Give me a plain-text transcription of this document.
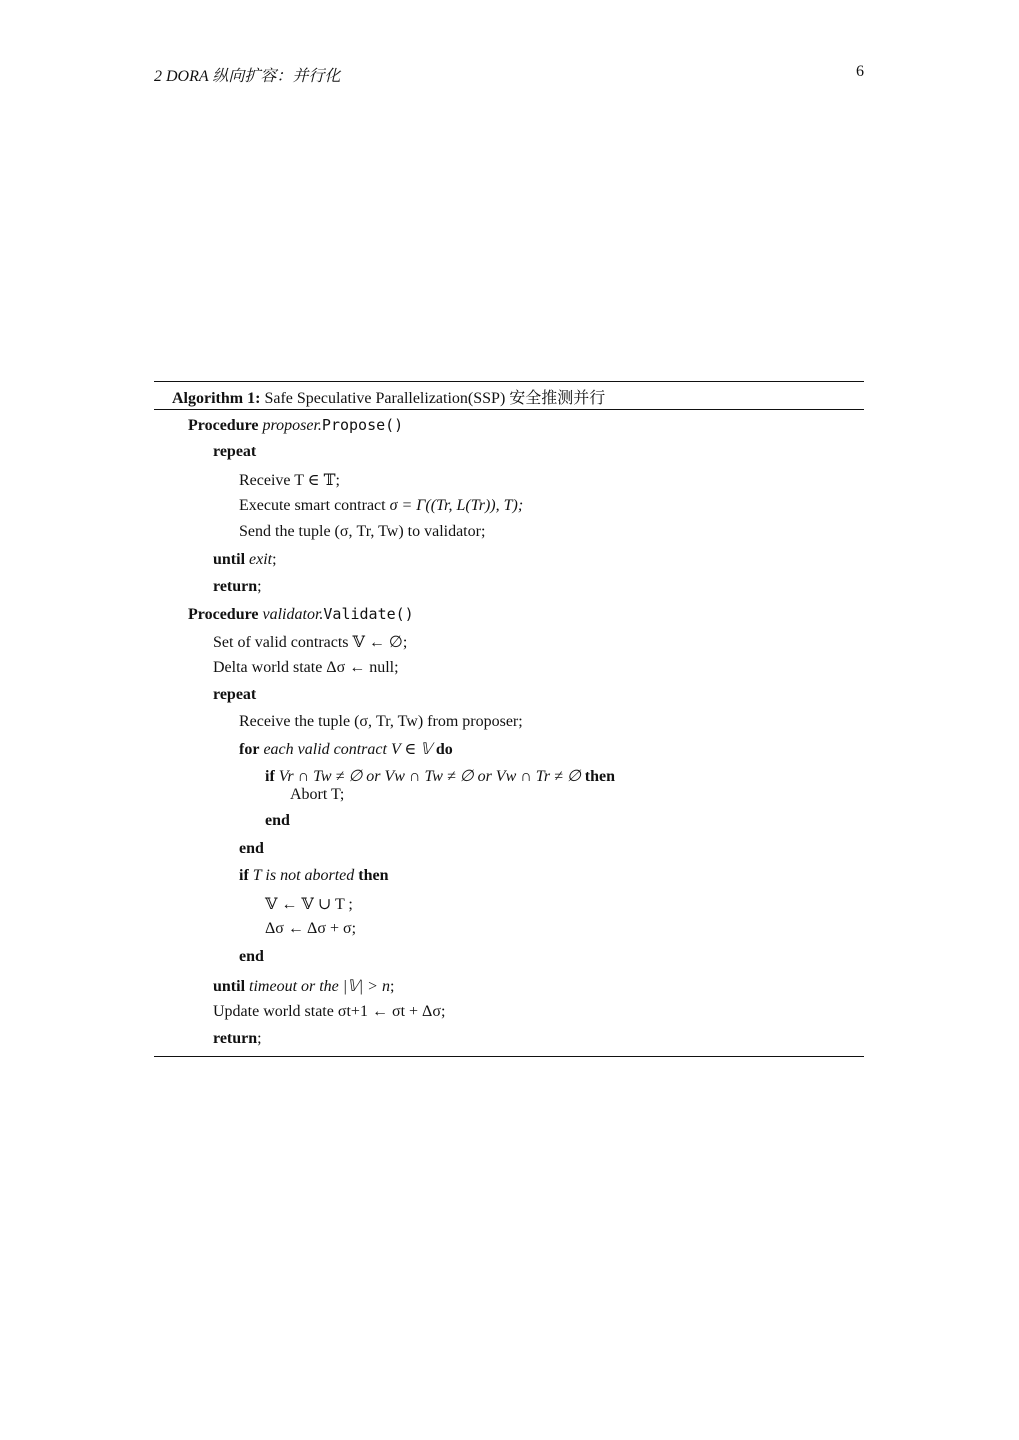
2 DORA 纵向扩容：并行化	6
Algorithm 1: Safe Speculative Parallelization(SSP) 安全推测并行
Procedure proposer.Propose()
repeat
Receive T ∈ 𝕋;
Execute smart contract σ = Γ((Tr, L(Tr)), T);
Send the tuple (σ, Tr, Tw) to validator;
until exit;
return;
Procedure validator.Validate()
Set of valid contracts 𝕍 ← ∅;
Delta world state Δσ ← null;
repeat
Receive the tuple (σ, Tr, Tw) from proposer;
for each valid contract V ∈ 𝕍 do
if Vr ∩ Tw ≠ ∅ or Vw ∩ Tw ≠ ∅ or Vw ∩ Tr ≠ ∅ then
Abort T;
end
end
if T is not aborted then
𝕍 ← 𝕍 ∪ T ;
Δσ ← Δσ + σ;
end
until timeout or the |𝕍| > n;
Update world state σt+1 ← σt + Δσ;
return;
